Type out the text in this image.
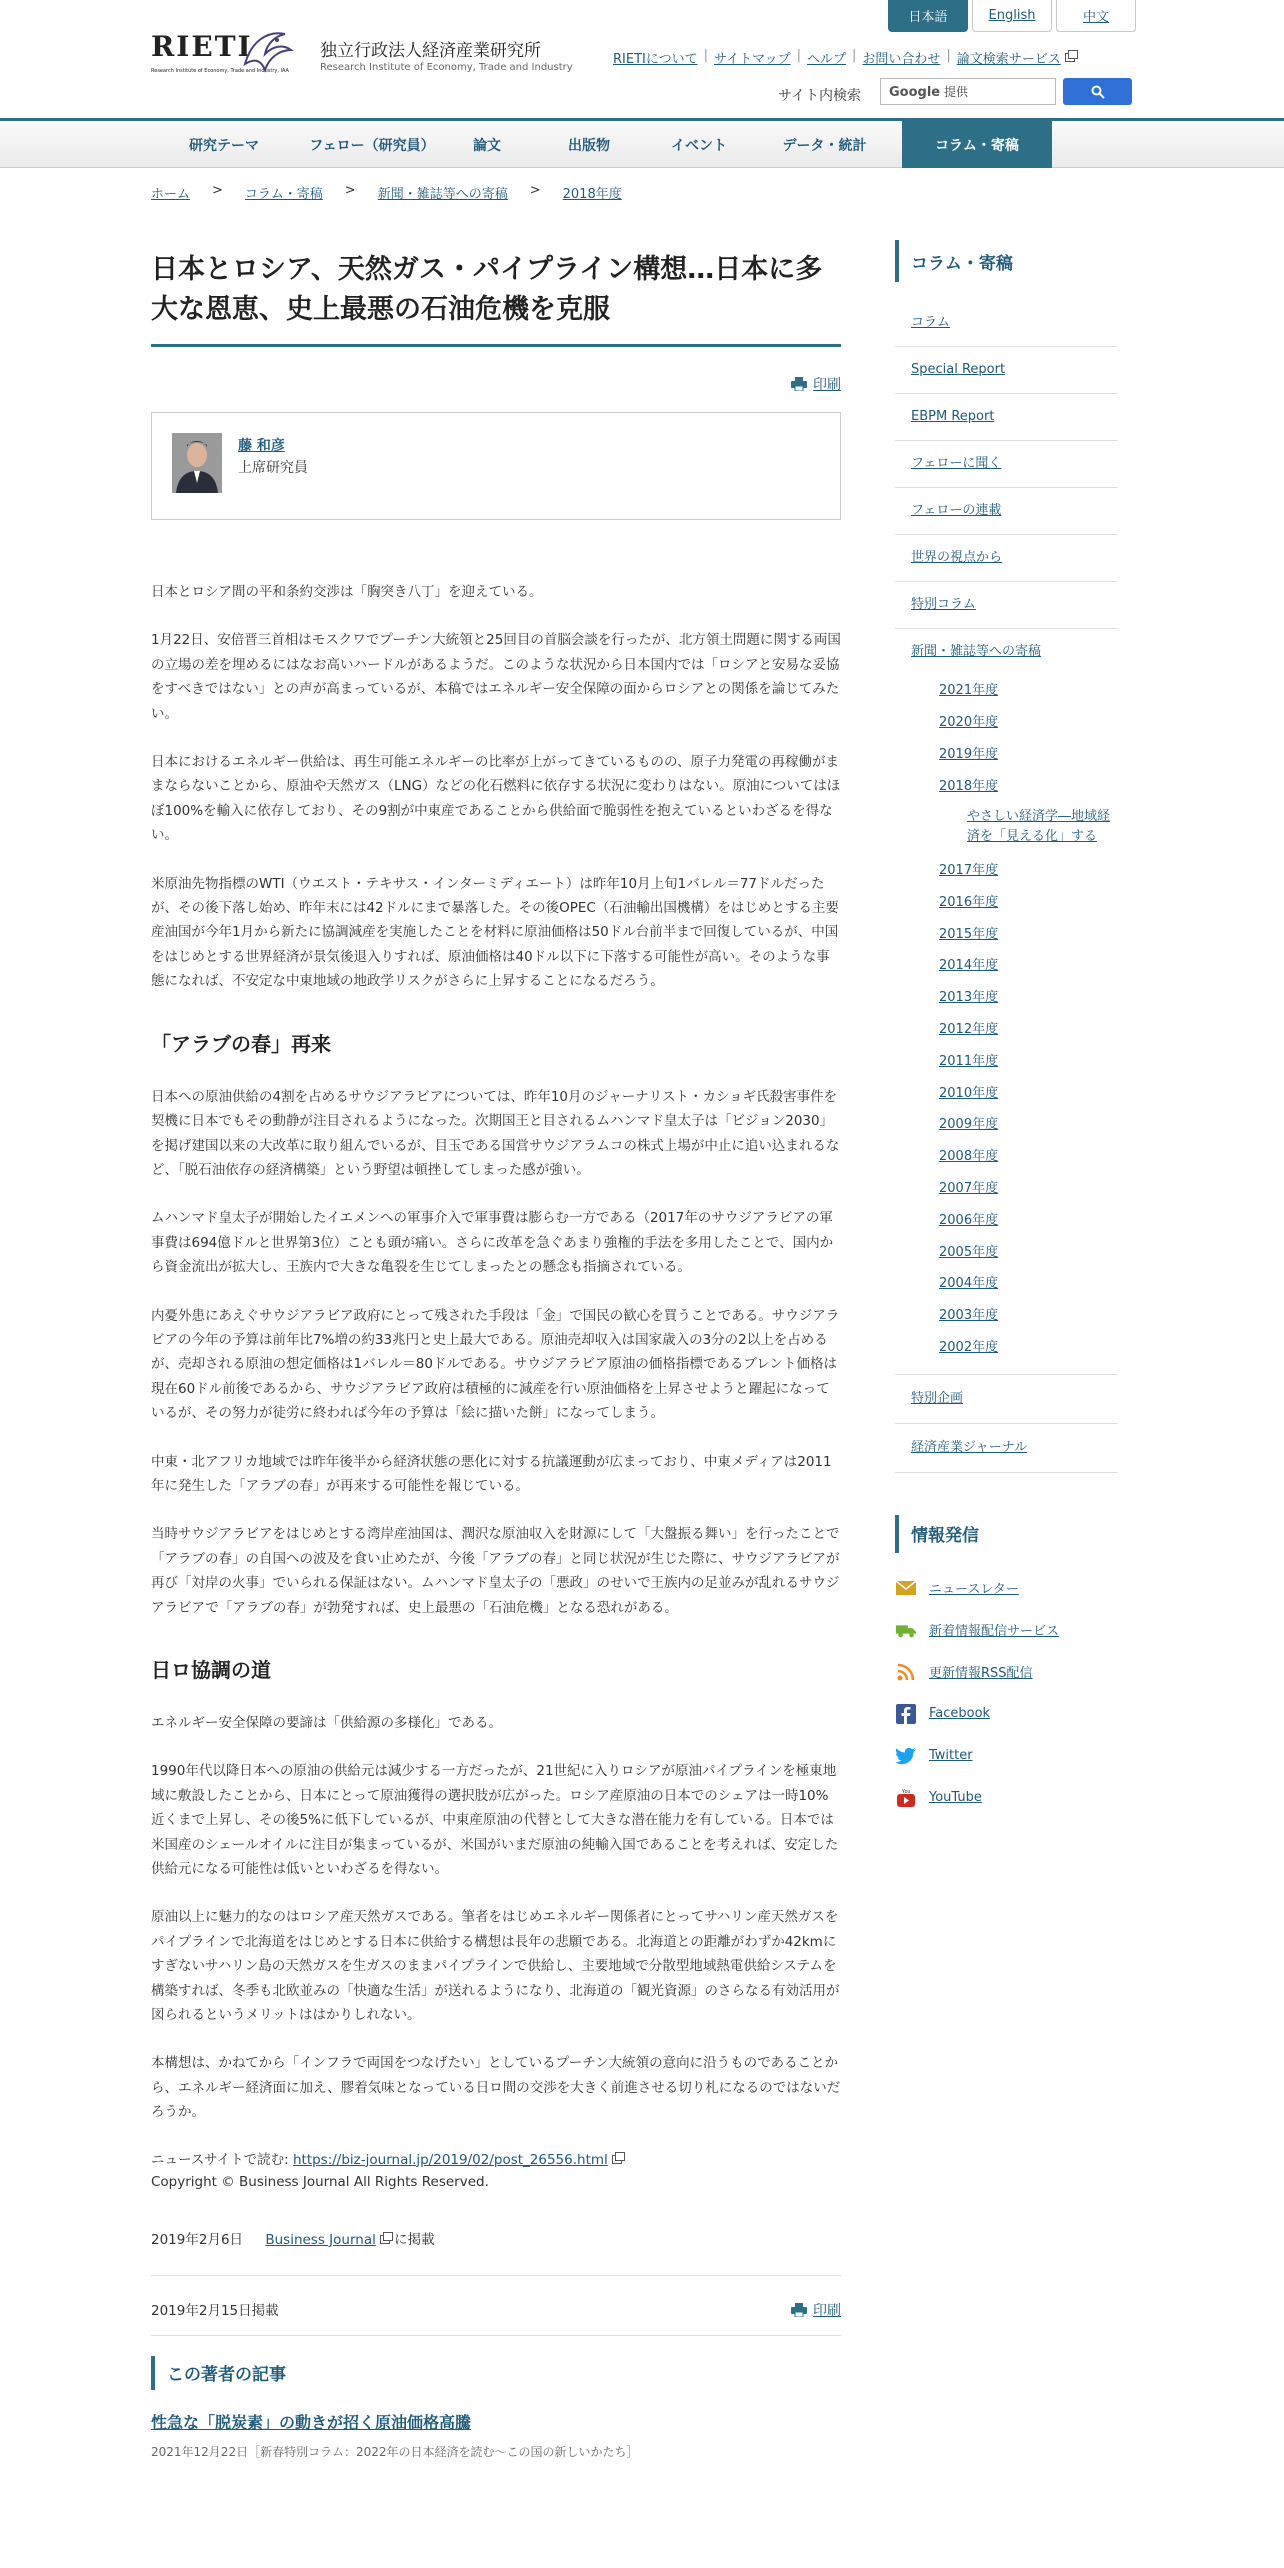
RIETI
Research Institute of Economy, Trade and Industry, IAA
独立行政法人経済産業研究所
Research Institute of Economy, Trade and Industry
日本語	English	中文
RIETIについて | サイトマップ | ヘルプ | お問い合わせ | 論文検索サービス
サイト内検索	Google 提供
研究テーマ	フェロー（研究員）	論文	出版物	イベント	データ・統計	コラム・寄稿
ホーム > コラム・寄稿 > 新聞・雑誌等への寄稿 > 2018年度
日本とロシア、天然ガス・パイプライン構想…日本に多大な恩恵、史上最悪の石油危機を克服
印刷
藤 和彦
上席研究員

日本とロシア間の平和条約交渉は「胸突き八丁」を迎えている。

1月22日、安倍晋三首相はモスクワでプーチン大統領と25回目の首脳会談を行ったが、北方領土問題に関する両国の立場の差を埋めるにはなお高いハードルがあるようだ。このような状況から日本国内では「ロシアと安易な妥協をすべきではない」との声が高まっているが、本稿ではエネルギー安全保障の面からロシアとの関係を論じてみたい。

日本におけるエネルギー供給は、再生可能エネルギーの比率が上がってきているものの、原子力発電の再稼働がままならないことから、原油や天然ガス（LNG）などの化石燃料に依存する状況に変わりはない。原油についてはほぼ100%を輸入に依存しており、その9割が中東産であることから供給面で脆弱性を抱えているといわざるを得ない。

米原油先物指標のWTI（ウエスト・テキサス・インターミディエート）は昨年10月上旬1バレル＝77ドルだったが、その後下落し始め、昨年末には42ドルにまで暴落した。その後OPEC（石油輸出国機構）をはじめとする主要産油国が今年1月から新たに協調減産を実施したことを材料に原油価格は50ドル台前半まで回復しているが、中国をはじめとする世界経済が景気後退入りすれば、原油価格は40ドル以下に下落する可能性が高い。そのような事態になれば、不安定な中東地域の地政学リスクがさらに上昇することになるだろう。

「アラブの春」再来

日本への原油供給の4割を占めるサウジアラビアについては、昨年10月のジャーナリスト・カショギ氏殺害事件を契機に日本でもその動静が注目されるようになった。次期国王と目されるムハンマド皇太子は「ビジョン2030」を掲げ建国以来の大改革に取り組んでいるが、目玉である国営サウジアラムコの株式上場が中止に追い込まれるなど、「脱石油依存の経済構築」という野望は頓挫してしまった感が強い。

ムハンマド皇太子が開始したイエメンへの軍事介入で軍事費は膨らむ一方である（2017年のサウジアラビアの軍事費は694億ドルと世界第3位）ことも頭が痛い。さらに改革を急ぐあまり強権的手法を多用したことで、国内から資金流出が拡大し、王族内で大きな亀裂を生じてしまったとの懸念も指摘されている。

内憂外患にあえぐサウジアラビア政府にとって残された手段は「金」で国民の歓心を買うことである。サウジアラビアの今年の予算は前年比7%増の約33兆円と史上最大である。原油売却収入は国家歳入の3分の2以上を占めるが、売却される原油の想定価格は1バレル＝80ドルである。サウジアラビア原油の価格指標であるブレント価格は現在60ドル前後であるから、サウジアラビア政府は積極的に減産を行い原油価格を上昇させようと躍起になっているが、その努力が徒労に終われば今年の予算は「絵に描いた餅」になってしまう。

中東・北アフリカ地域では昨年後半から経済状態の悪化に対する抗議運動が広まっており、中東メディアは2011年に発生した「アラブの春」が再来する可能性を報じている。

当時サウジアラビアをはじめとする湾岸産油国は、潤沢な原油収入を財源にして「大盤振る舞い」を行ったことで「アラブの春」の自国への波及を食い止めたが、今後「アラブの春」と同じ状況が生じた際に、サウジアラビアが再び「対岸の火事」でいられる保証はない。ムハンマド皇太子の「悪政」のせいで王族内の足並みが乱れるサウジアラビアで「アラブの春」が勃発すれば、史上最悪の「石油危機」となる恐れがある。

日ロ協調の道

エネルギー安全保障の要諦は「供給源の多様化」である。

1990年代以降日本への原油の供給元は減少する一方だったが、21世紀に入りロシアが原油パイプラインを極東地域に敷設したことから、日本にとって原油獲得の選択肢が広がった。ロシア産原油の日本でのシェアは一時10%近くまで上昇し、その後5%に低下しているが、中東産原油の代替として大きな潜在能力を有している。日本では米国産のシェールオイルに注目が集まっているが、米国がいまだ原油の純輸入国であることを考えれば、安定した供給元になる可能性は低いといわざるを得ない。

原油以上に魅力的なのはロシア産天然ガスである。筆者をはじめエネルギー関係者にとってサハリン産天然ガスをパイプラインで北海道をはじめとする日本に供給する構想は長年の悲願である。北海道との距離がわずか42kmにすぎないサハリン島の天然ガスを生ガスのままパイプラインで供給し、主要地域で分散型地域熱電供給システムを構築すれば、冬季も北欧並みの「快適な生活」が送れるようになり、北海道の「観光資源」のさらなる有効活用が図られるというメリットははかりしれない。

本構想は、かねてから「インフラで両国をつなげたい」としているプーチン大統領の意向に沿うものであることから、エネルギー経済面に加え、膠着気味となっている日ロ間の交渉を大きく前進させる切り札になるのではないだろうか。

ニュースサイトで読む: https://biz-journal.jp/2019/02/post_26556.html
Copyright © Business Journal All Rights Reserved.
2019年2月6日 Business Journal に掲載
2019年2月15日掲載	印刷
この著者の記事
性急な「脱炭素」の動きが招く原油価格高騰
2021年12月22日［新春特別コラム：2022年の日本経済を読む～この国の新しいかたち］
コラム・寄稿
コラム
Special Report
EBPM Report
フェローに聞く
フェローの連載
世界の視点から
特別コラム
新聞・雑誌等への寄稿
2021年度
2020年度
2019年度
2018年度
やさしい経済学―地域経済を「見える化」する
2017年度
2016年度
2015年度
2014年度
2013年度
2012年度
2011年度
2010年度
2009年度
2008年度
2007年度
2006年度
2005年度
2004年度
2003年度
2002年度
特別企画
経済産業ジャーナル
情報発信
ニュースレター
新着情報配信サービス
更新情報RSS配信
Facebook
Twitter
You YouTube
